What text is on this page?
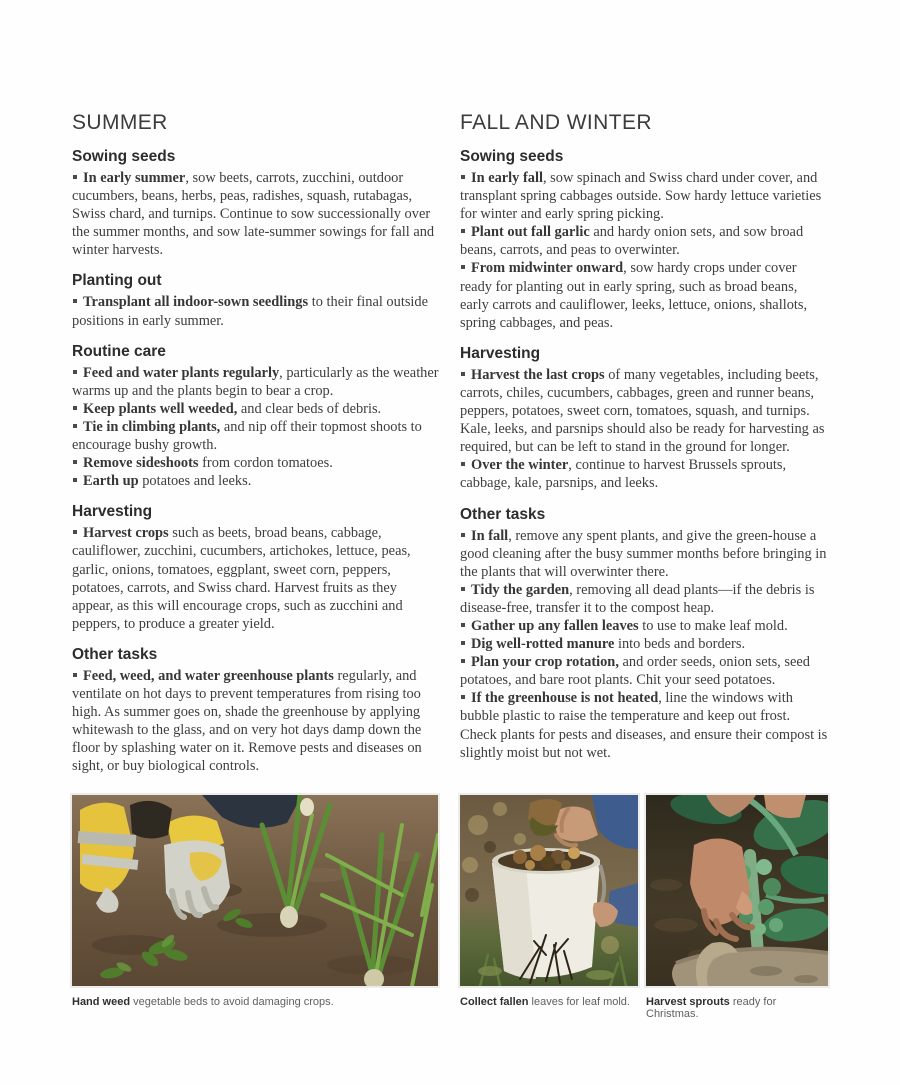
SUMMER
Sowing seeds

In early summer, sow beets, carrots, zucchini, outdoor cucumbers, beans, herbs, peas, radishes, squash, rutabagas, Swiss chard, and turnips. Continue to sow successionally over the summer months, and sow late-summer sowings for fall and winter harvests.

Planting out

Transplant all indoor-sown seedlings to their final outside positions in early summer.

Routine care

Feed and water plants regularly, particularly as the weather warms up and the plants begin to bear a crop.

Keep plants well weeded, and clear beds of debris.

Tie in climbing plants, and nip off their topmost shoots to encourage bushy growth.

Remove sideshoots from cordon tomatoes.

Earth up potatoes and leeks.

Harvesting

Harvest crops such as beets, broad beans, cabbage, cauliflower, zucchini, cucumbers, artichokes, lettuce, peas, garlic, onions, tomatoes, eggplant, sweet corn, peppers, potatoes, carrots, and Swiss chard. Harvest fruits as they appear, as this will encourage crops, such as zucchini and peppers, to produce a greater yield.

Other tasks

Feed, weed, and water greenhouse plants regularly, and ventilate on hot days to prevent temperatures from rising too high. As summer goes on, shade the greenhouse by applying whitewash to the glass, and on very hot days damp down the floor by splashing water on it. Remove pests and diseases on sight, or buy biological controls.

FALL AND WINTER
Sowing seeds

In early fall, sow spinach and Swiss chard under cover, and transplant spring cabbages outside. Sow hardy lettuce varieties for winter and early spring picking.

Plant out fall garlic and hardy onion sets, and sow broad beans, carrots, and peas to overwinter.

From midwinter onward, sow hardy crops under cover ready for planting out in early spring, such as broad beans, early carrots and cauliflower, leeks, lettuce, onions, shallots, spring cabbages, and peas.

Harvesting

Harvest the last crops of many vegetables, including beets, carrots, chiles, cucumbers, cabbages, green and runner beans, peppers, potatoes, sweet corn, tomatoes, squash, and turnips. Kale, leeks, and parsnips should also be ready for harvesting as required, but can be left to stand in the ground for longer.

Over the winter, continue to harvest Brussels sprouts, cabbage, kale, parsnips, and leeks.

Other tasks

In fall, remove any spent plants, and give the green-house a good cleaning after the busy summer months before bringing in the plants that will overwinter there.

Tidy the garden, removing all dead plants—if the debris is disease-free, transfer it to the compost heap.

Gather up any fallen leaves to use to make leaf mold.

Dig well-rotted manure into beds and borders.

Plan your crop rotation, and order seeds, onion sets, seed potatoes, and bare root plants. Chit your seed potatoes.

If the greenhouse is not heated, line the windows with bubble plastic to raise the temperature and keep out frost. Check plants for pests and diseases, and ensure their compost is slightly moist but not wet.

Hand weed vegetable beds to avoid damaging crops.	Collect fallen leaves for leaf mold.	Harvest sprouts ready for Christmas.
